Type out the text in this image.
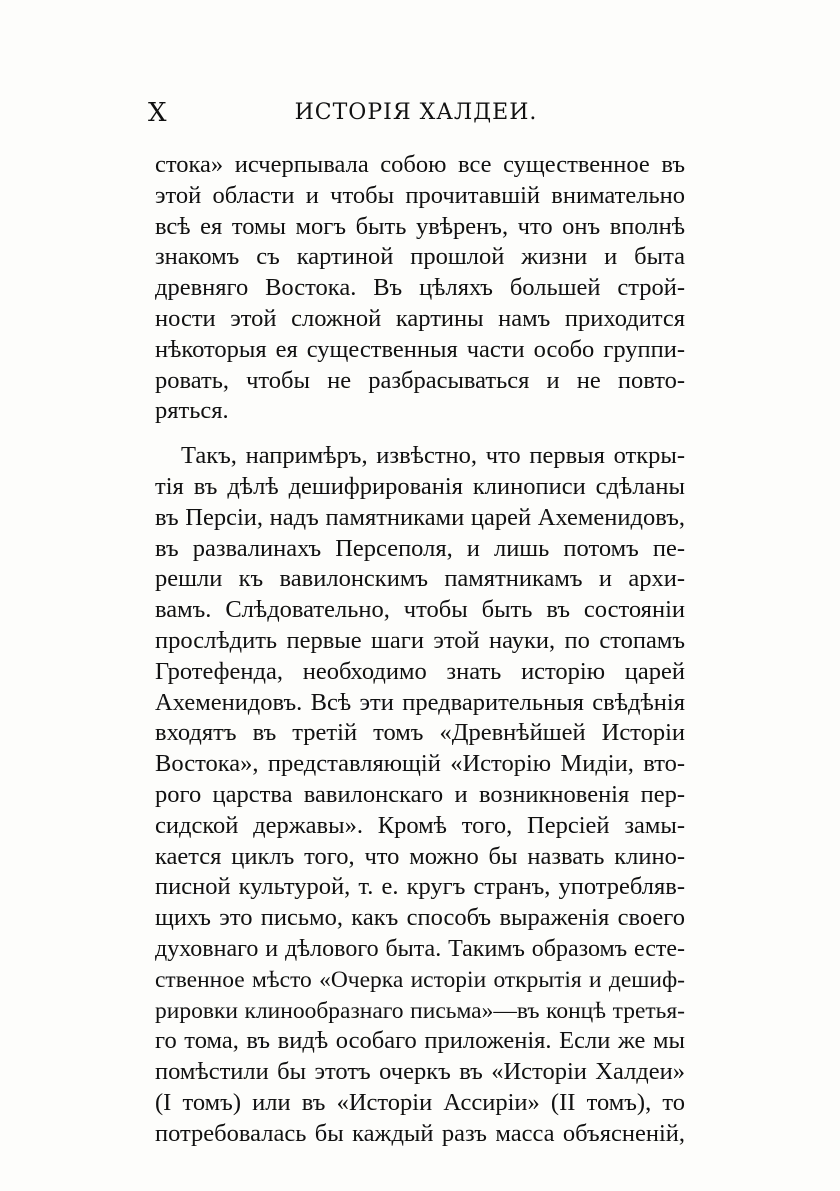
X	ИСТОРІЯ ХАЛДЕИ.
стока» исчерпывала собою все существенное въ
этой области и чтобы прочитавшій внимательно
всѣ ея томы могъ быть увѣренъ, что онъ вполнѣ
знакомъ съ картиной прошлой жизни и быта
древняго Востока. Въ цѣляхъ большей строй-
ности этой сложной картины намъ приходится
нѣкоторыя ея существенныя части особо группи-
ровать, чтобы не разбрасываться и не повто-
ряться.
Такъ, напримѣръ, извѣстно, что первыя откры-
тія въ дѣлѣ дешифрированія клинописи сдѣланы
въ Персіи, надъ памятниками царей Ахеменидовъ,
въ развалинахъ Персеполя, и лишь потомъ пе-
решли къ вавилонскимъ памятникамъ и архи-
вамъ. Слѣдовательно, чтобы быть въ состояніи
прослѣдить первые шаги этой науки, по стопамъ
Гротефенда, необходимо знать исторію царей
Ахеменидовъ. Всѣ эти предварительныя свѣдѣнія
входятъ въ третій томъ «Древнѣйшей Исторіи
Востока», представляющій «Исторію Мидіи, вто-
рого царства вавилонскаго и возникновенія пер-
сидской державы». Кромѣ того, Персіей замы-
кается циклъ того, что можно бы назвать клино-
писной культурой, т. е. кругъ странъ, употребляв-
щихъ это письмо, какъ способъ выраженія своего
духовнаго и дѣлового быта. Такимъ образомъ есте-
ственное мѣсто «Очерка исторіи открытія и дешиф-
рировки клинообразнаго письма»—въ концѣ третья-
го тома, въ видѣ особаго приложенія. Если же мы
помѣстили бы этотъ очеркъ въ «Исторіи Халдеи»
(I томъ) или въ «Исторіи Ассиріи» (II томъ), то
потребовалась бы каждый разъ масса объясненій,
